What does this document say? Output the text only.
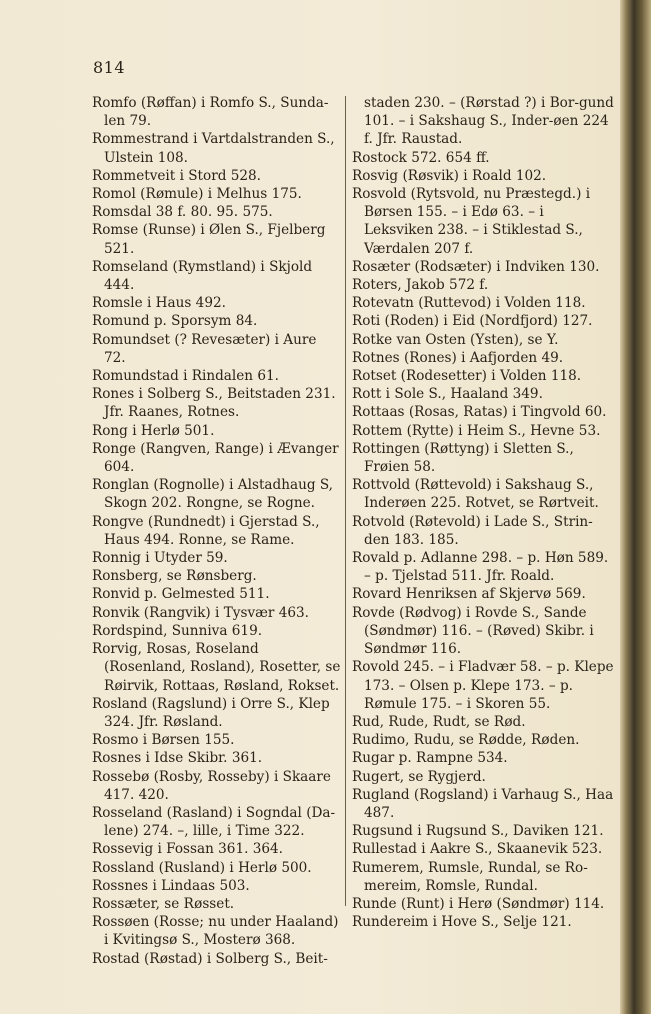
814

Romfo (Røffan) i Romfo S., Sunda-len 79.

Rommestrand i Vartdalstranden S., Ulstein 108.

Rommetveit i Stord 528.

Romol (Rømule) i Melhus 175.

Romsdal 38 f. 80. 95. 575.

Romse (Runse) i Ølen S., Fjelberg 521.

Romseland (Rymstland) i Skjold 444.

Romsle i Haus 492.

Romund p. Sporsym 84.

Romundset (? Revesæter) i Aure 72.

Romundstad i Rindalen 61.

Rones i Solberg S., Beitstaden 231. Jfr. Raanes, Rotnes.

Rong i Herlø 501.

Ronge (Rangven, Range) i Ævanger 604.

Ronglan (Rognolle) i Alstadhaug S, Skogn 202. Rongne, se Rogne.

Rongve (Rundnedt) i Gjerstad S., Haus 494. Ronne, se Rame.

Ronnig i Utyder 59.

Ronsberg, se Rønsberg.

Ronvid p. Gelmested 511.

Ronvik (Rangvik) i Tysvær 463.

Rordspind, Sunniva 619.

Rorvig, Rosas, Roseland (Rosenland, Rosland), Rosetter, se Røirvik, Rottaas, Røsland, Rokset.

Rosland (Ragslund) i Orre S., Klep 324. Jfr. Røsland.

Rosmo i Børsen 155.

Rosnes i Idse Skibr. 361.

Rossebø (Rosby, Rosseby) i Skaare 417. 420.

Rosseland (Rasland) i Sogndal (Da-lene) 274. –, lille, i Time 322.

Rossevig i Fossan 361. 364.

Rossland (Rusland) i Herlø 500.

Rossnes i Lindaas 503.

Rossæter, se Røsset.

Rossøen (Rosse; nu under Haaland) i Kvitingsø S., Mosterø 368.

Rostad (Røstad) i Solberg S., Beit-

staden 230. – (Rørstad ?) i Bor-gund 101. – i Sakshaug S., Inder-øen 224 f. Jfr. Raustad.

Rostock 572. 654 ff.

Rosvig (Røsvik) i Roald 102.

Rosvold (Rytsvold, nu Præstegd.) i Børsen 155. – i Edø 63. – i Leksviken 238. – i Stiklestad S., Værdalen 207 f.

Rosæter (Rodsæter) i Indviken 130.

Roters, Jakob 572 f.

Rotevatn (Ruttevod) i Volden 118.

Roti (Roden) i Eid (Nordfjord) 127.

Rotke van Osten (Ysten), se Y.

Rotnes (Rones) i Aafjorden 49.

Rotset (Rodesetter) i Volden 118.

Rott i Sole S., Haaland 349.

Rottaas (Rosas, Ratas) i Tingvold 60.

Rottem (Rytte) i Heim S., Hevne 53.

Rottingen (Røttyng) i Sletten S., Frøien 58.

Rottvold (Røttevold) i Sakshaug S., Inderøen 225. Rotvet, se Rørtveit.

Rotvold (Røtevold) i Lade S., Strin-den 183. 185.

Rovald p. Adlanne 298. – p. Høn 589. – p. Tjelstad 511. Jfr. Roald.

Rovard Henriksen af Skjervø 569.

Rovde (Rødvog) i Rovde S., Sande (Søndmør) 116. – (Røved) Skibr. i Søndmør 116.

Rovold 245. – i Fladvær 58. – p. Klepe 173. – Olsen p. Klepe 173. – p. Rømule 175. – i Skoren 55.

Rud, Rude, Rudt, se Rød.

Rudimo, Rudu, se Rødde, Røden.

Rugar p. Rampne 534.

Rugert, se Rygjerd.

Rugland (Rogsland) i Varhaug S., Haa 487.

Rugsund i Rugsund S., Daviken 121.

Rullestad i Aakre S., Skaanevik 523.

Rumerem, Rumsle, Rundal, se Ro-mereim, Romsle, Rundal.

Runde (Runt) i Herø (Søndmør) 114.

Rundereim i Hove S., Selje 121.
